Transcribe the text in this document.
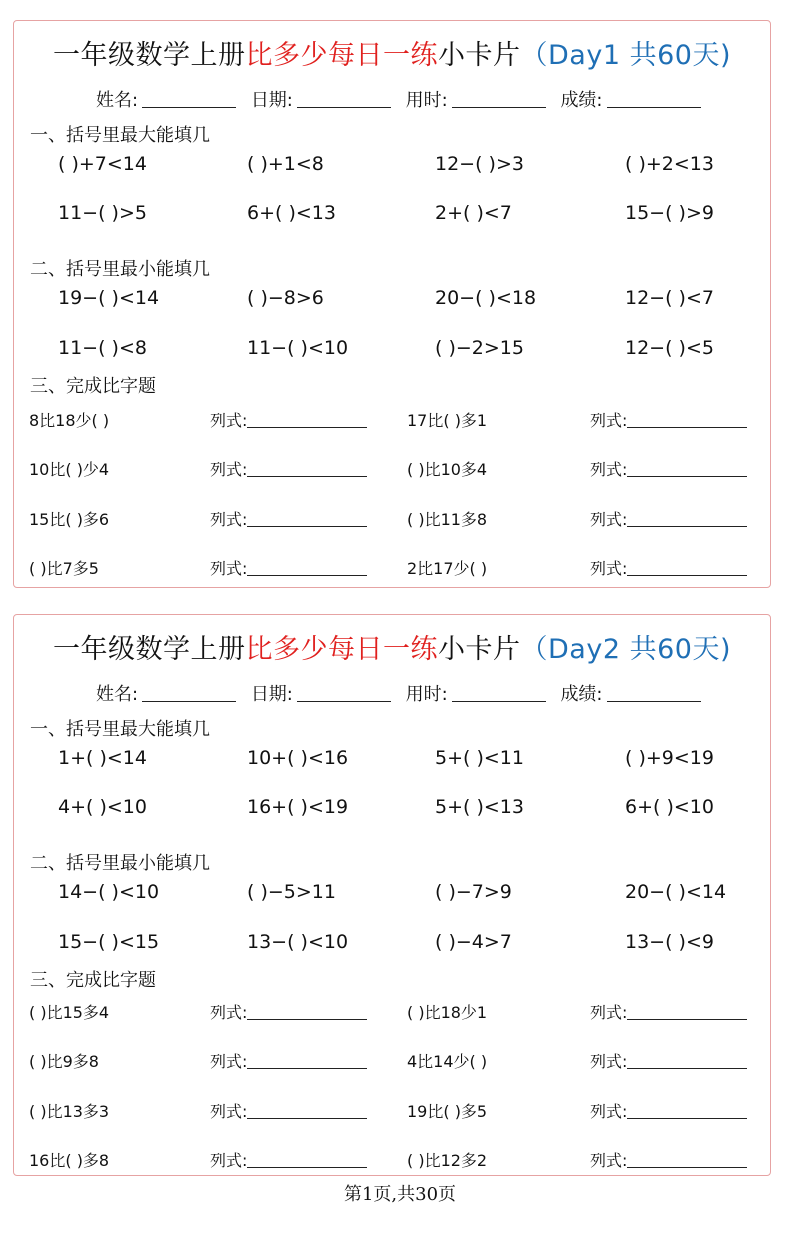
一年级数学上册比多少每日一练小卡片（Day1 共60天)
姓名:	日期:	用时:	成绩:
一、括号里最大能填几
( )+7<14	( )+1<8	12−( )>3	( )+2<13
11−( )>5	6+( )<13	2+( )<7	15−( )>9
二、括号里最小能填几
19−( )<14	( )−8>6	20−( )<18	12−( )<7
11−( )<8	11−( )<10	( )−2>15	12−( )<5
三、完成比字题
8比18少( )	列式:	17比( )多1	列式:
10比( )少4	列式:	( )比10多4	列式:
15比( )多6	列式:	( )比11多8	列式:
( )比7多5	列式:	2比17少( )	列式:
一年级数学上册比多少每日一练小卡片（Day2 共60天)
姓名:	日期:	用时:	成绩:
一、括号里最大能填几
1+( )<14	10+( )<16	5+( )<11	( )+9<19
4+( )<10	16+( )<19	5+( )<13	6+( )<10
二、括号里最小能填几
14−( )<10	( )−5>11	( )−7>9	20−( )<14
15−( )<15	13−( )<10	( )−4>7	13−( )<9
三、完成比字题
( )比15多4	列式:	( )比18少1	列式:
( )比9多8	列式:	4比14少( )	列式:
( )比13多3	列式:	19比( )多5	列式:
16比( )多8	列式:	( )比12多2	列式:
第1页,共30页
